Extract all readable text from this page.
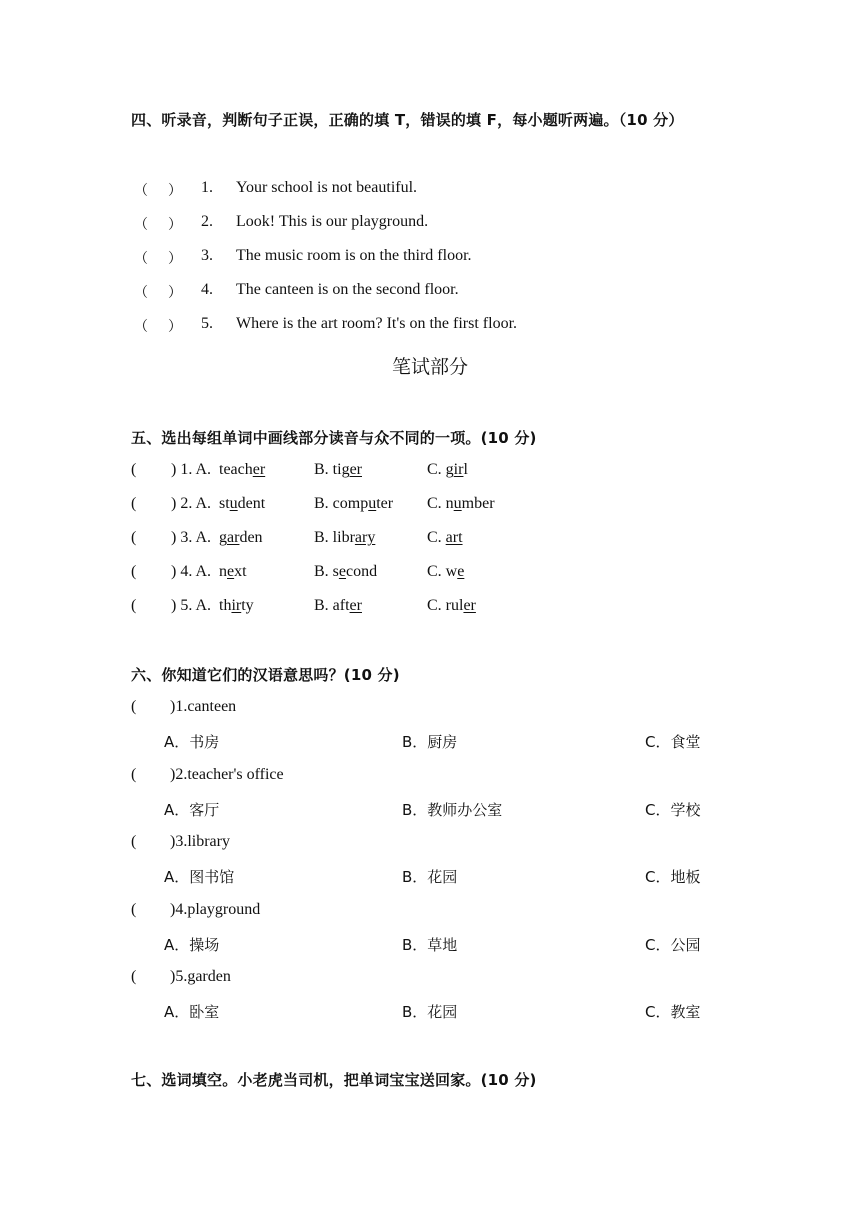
四、听录音，判断句子正误，正确的填 T，错误的填 F，每小题听两遍。（10 分）
（ ） 1. Your school is not beautiful.
（ ） 2. Look! This is our playground.
（ ） 3. The music room is on the third floor.
（ ） 4. The canteen is on the second floor.
（ ） 5. Where is the art room? It's on the first floor.
笔试部分
五、选出每组单词中画线部分读音与众不同的一项。(10 分)
( ) 1. A. teacher	B. tiger	C. girl
( ) 2. A. student	B. computer C. number
( ) 3. A. garden	B. library	C. art
( ) 4. A. next	B. second	C. we
( ) 5. A. thirty	B. after	C. ruler
六、你知道它们的汉语意思吗？(10 分)
( )1.canteen
A．书房	B．厨房	C．食堂
( )2.teacher's office
A．客厅	B．教师办公室	C．学校
( )3.library
A．图书馆	B．花园	C．地板
( )4.playground
A．操场	B．草地	C．公园
( )5.garden
A．卧室	B．花园	C．教室
七、选词填空。小老虎当司机，把单词宝宝送回家。(10 分)
